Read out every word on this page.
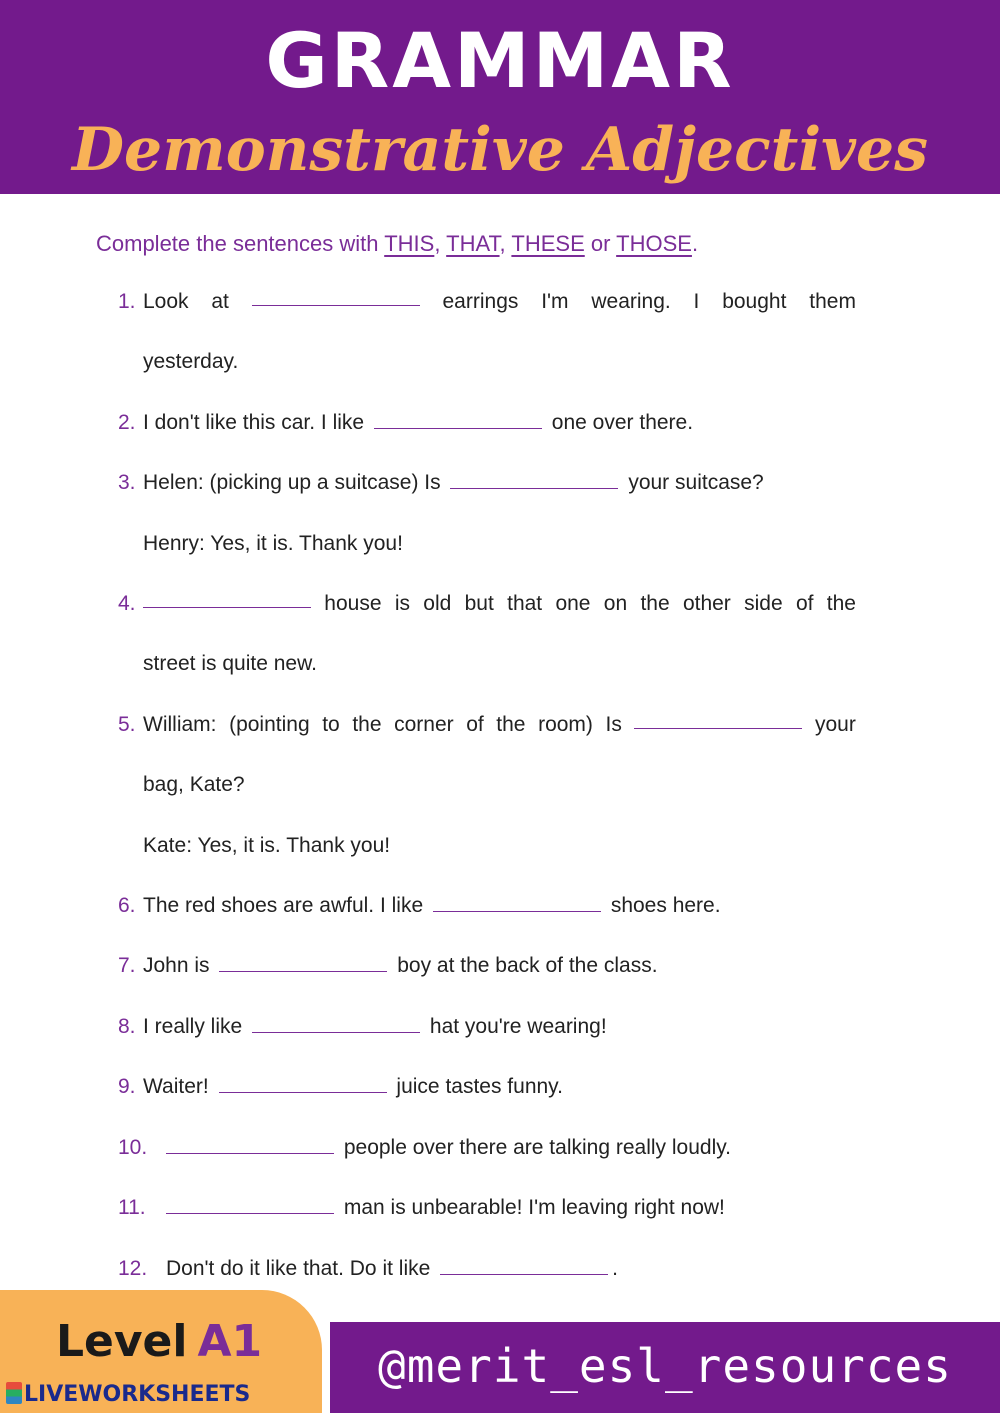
GRAMMAR
Demonstrative Adjectives
Complete the sentences with THIS, THAT, THESE or THOSE.
1. Look at	earrings I'm wearing. I bought them
yesterday.
2. I don't like this car. I like	one over there.
3. Helen: (picking up a suitcase) Is	your suitcase?
Henry: Yes, it is. Thank you!
4.	house is old but that one on the other side of the
street is quite new.
5. William: (pointing to the corner of the room) Is	your
bag, Kate?
Kate: Yes, it is. Thank you!
6. The red shoes are awful. I like	shoes here.
7. John is	boy at the back of the class.
8. I really like	hat you're wearing!
9. Waiter!	juice tastes funny.
10.	people over there are talking really loudly.
11.	man is unbearable! I'm leaving right now!
12. Don't do it like that. Do it like	.
Level A1	@merit_esl_resources
LIVEWORKSHEETS
